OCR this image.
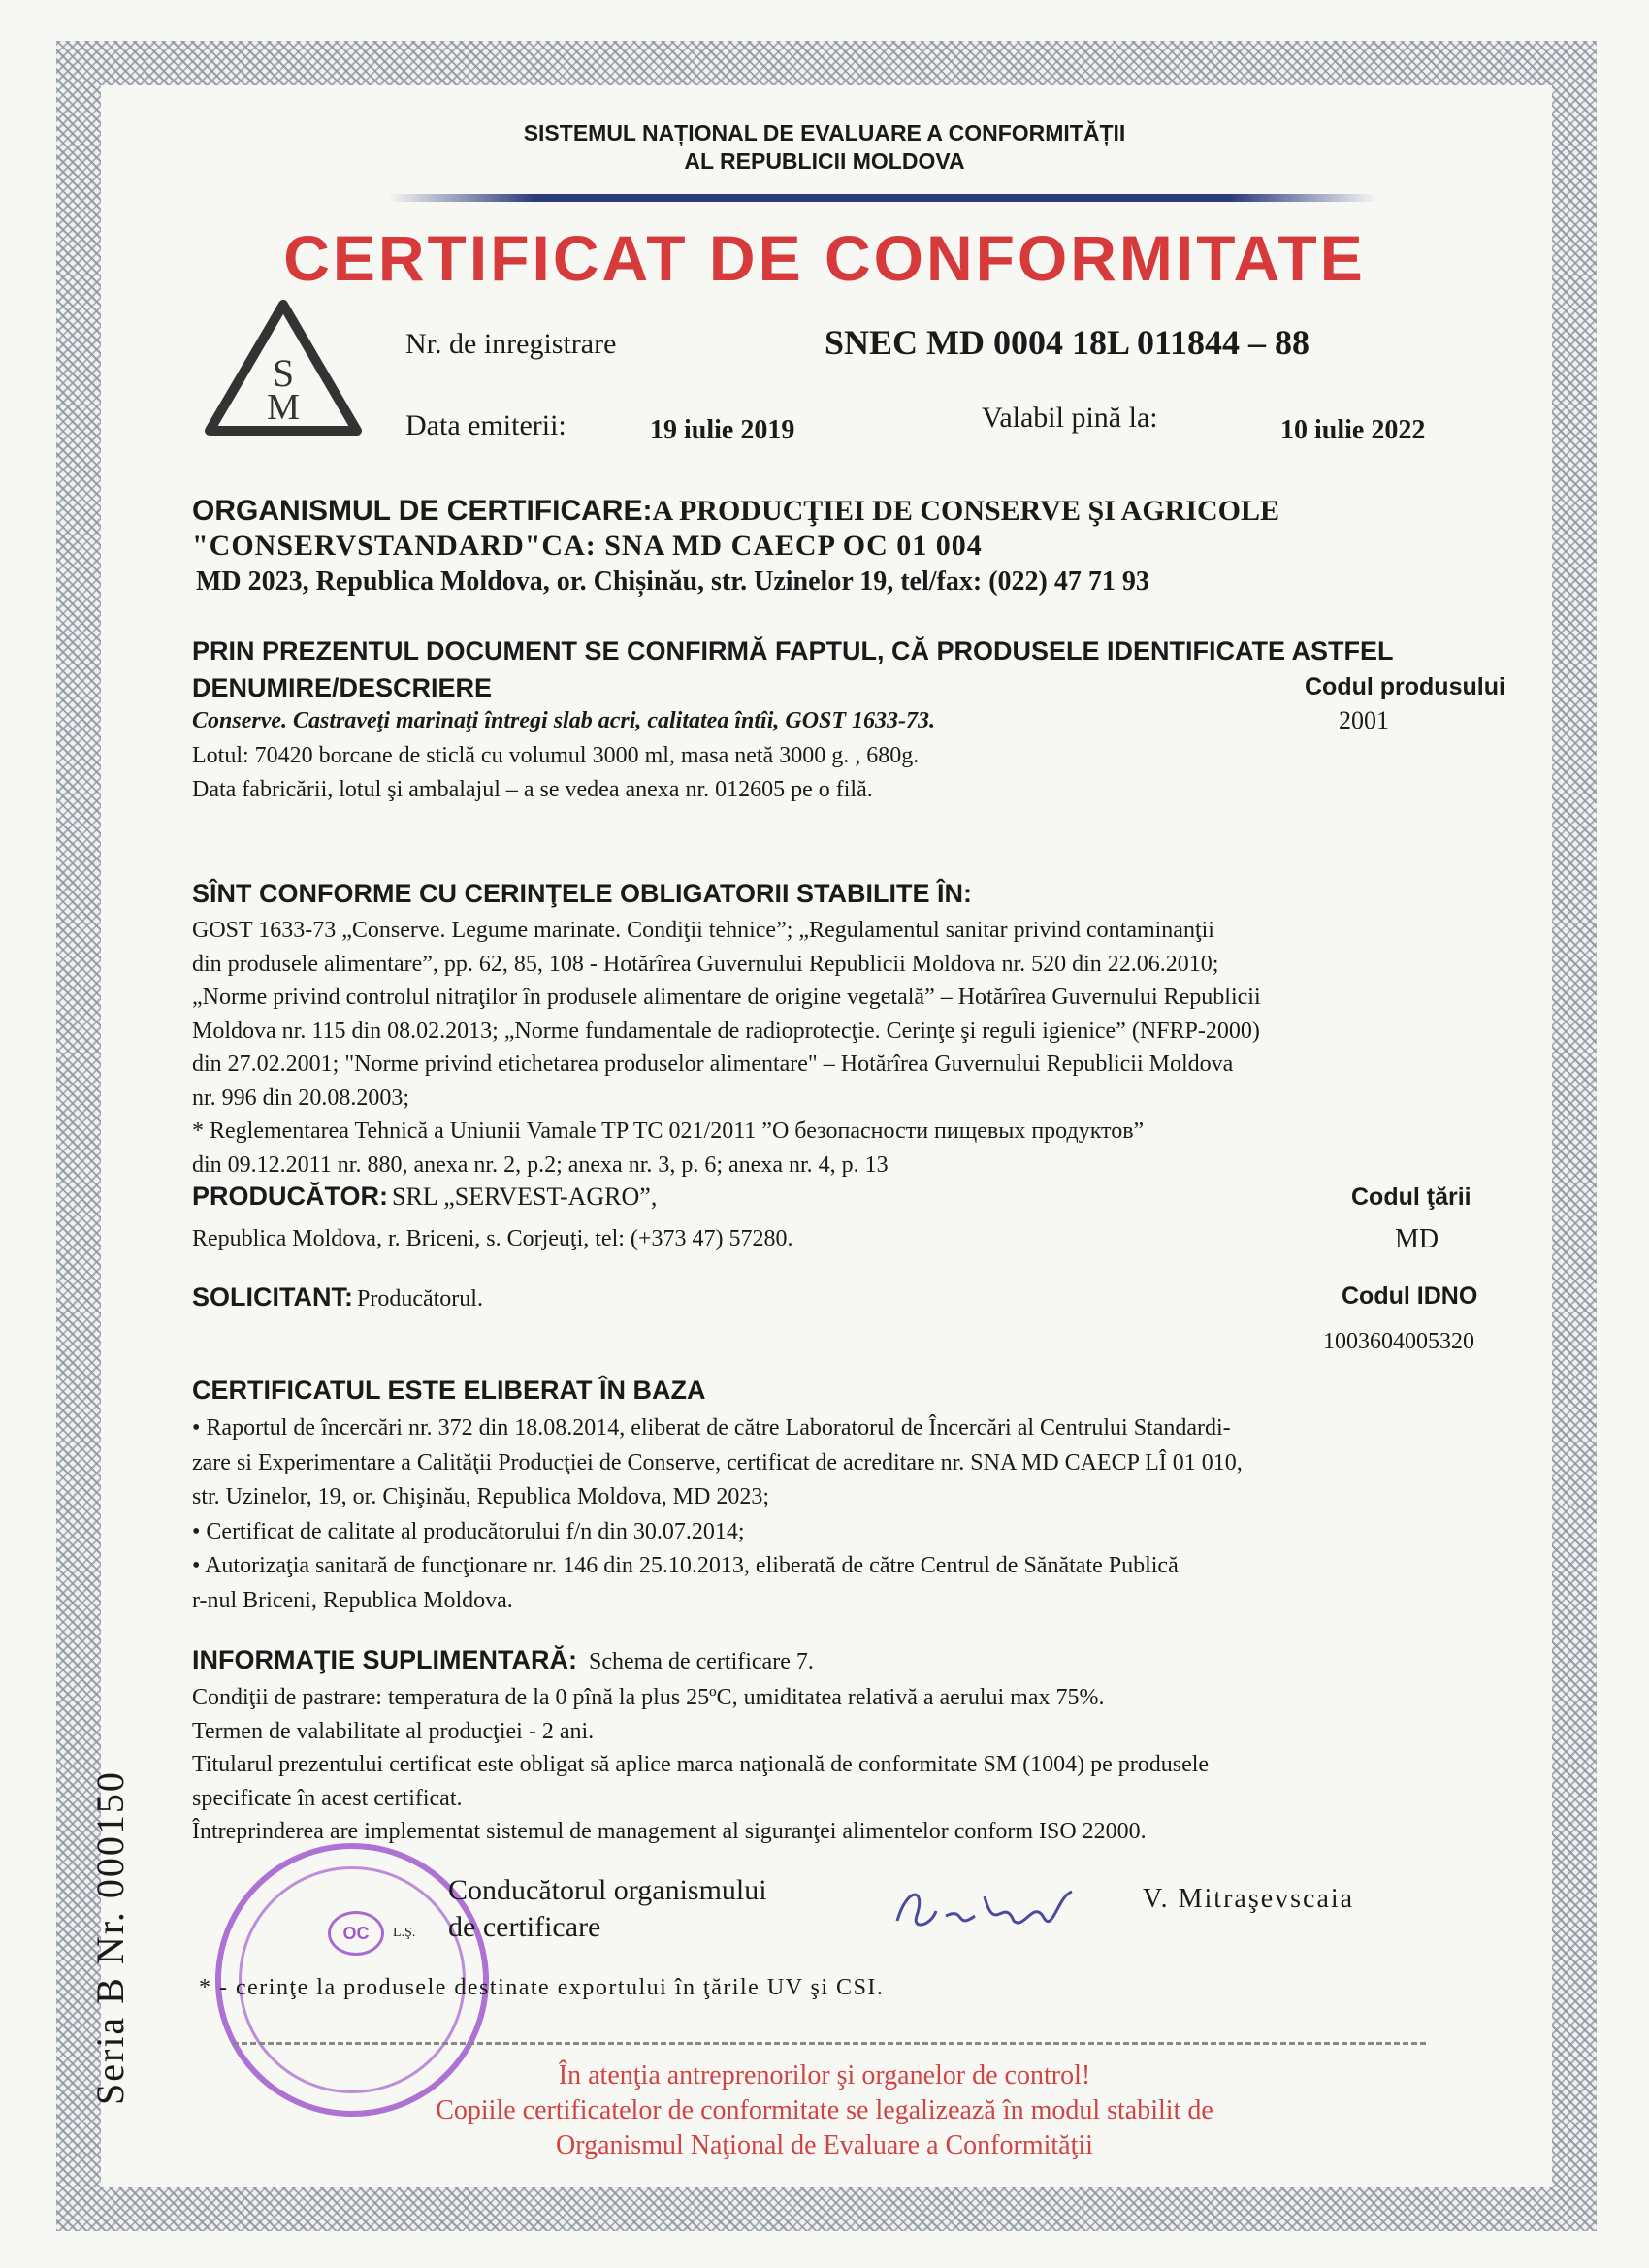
SISTEMUL NAȚIONAL DE EVALUARE A CONFORMITĂȚII
AL REPUBLICII MOLDOVA
CERTIFICAT DE CONFORMITATE
S
M
Nr. de inregistrare	SNEC MD 0004 18L 011844 – 88
Data emiterii:	19 iulie 2019	Valabil pină la:	10 iulie 2022
ORGANISMUL DE CERTIFICARE:A PRODUCŢIEI DE CONSERVE ŞI AGRICOLE
"CONSERVSTANDARD"CA: SNA MD CAECP OC 01 004
MD 2023, Republica Moldova, or. Chișinău, str. Uzinelor 19, tel/fax: (022) 47 71 93
PRIN PREZENTUL DOCUMENT SE CONFIRMĂ FAPTUL, CĂ PRODUSELE IDENTIFICATE ASTFEL
DENUMIRE/DESCRIERE	Codul produsului
2001
Conserve. Castraveţi marinaţi întregi slab acri, calitatea întîi, GOST 1633-73.
Lotul: 70420 borcane de sticlă cu volumul 3000 ml, masa netă 3000 g. , 680g.
Data fabricării, lotul şi ambalajul – a se vedea anexa nr. 012605 pe o filă.
SÎNT CONFORME CU CERINŢELE OBLIGATORII STABILITE ÎN:
GOST 1633-73 „Conserve. Legume marinate. Condiţii tehnice”; „Regulamentul sanitar privind contaminanţii
din produsele alimentare”, pp. 62, 85, 108 - Hotărîrea Guvernului Republicii Moldova nr. 520 din 22.06.2010;
„Norme privind controlul nitraţilor în produsele alimentare de origine vegetală” – Hotărîrea Guvernului Republicii
Moldova nr. 115 din 08.02.2013; „Norme fundamentale de radioprotecţie. Cerinţe şi reguli igienice” (NFRP-2000)
din 27.02.2001; "Norme privind etichetarea produselor alimentare" – Hotărîrea Guvernului Republicii Moldova
nr. 996 din 20.08.2003;
* Reglementarea Tehnică a Uniunii Vamale TP TC 021/2011 ”О безопасности пищевых продуктов”
din 09.12.2011 nr. 880, anexa nr. 2, p.2; anexa nr. 3, p. 6; anexa nr. 4, p. 13
PRODUCĂTOR: SRL „SERVEST-AGRO”,
Republica Moldova, r. Briceni, s. Corjeuţi, tel: (+373 47) 57280.
Codul ţării
MD
SOLICITANT: Producătorul.	Codul IDNO
1003604005320
CERTIFICATUL ESTE ELIBERAT ÎN BAZA
• Raportul de încercări nr. 372 din 18.08.2014, eliberat de către Laboratorul de Încercări al Centrului Standardi-
zare si Experimentare a Calităţii Producţiei de Conserve, certificat de acreditare nr. SNA MD CAECP LÎ 01 010,
str. Uzinelor, 19, or. Chişinău, Republica Moldova, MD 2023;
• Certificat de calitate al producătorului f/n din 30.07.2014;
• Autorizaţia sanitară de funcţionare nr. 146 din 25.10.2013, eliberată de către Centrul de Sănătate Publică
r-nul Briceni, Republica Moldova.
INFORMAŢIE SUPLIMENTARĂ: Schema de certificare 7.
Condiţii de pastrare: temperatura de la 0 pînă la plus 25ºC, umiditatea relativă a aerului max 75%.
Termen de valabilitate al producţiei - 2 ani.
Titularul prezentului certificat este obligat să aplice marca naţională de conformitate SM (1004) pe produsele
specificate în acest certificat.
Întreprinderea are implementat sistemul de management al siguranţei alimentelor conform ISO 22000.
OC	L.Ş.
Conducătorul organismului
de certificare
V. Mitraşevscaia
* - cerinţe la produsele destinate exportului în ţările UV şi CSI.
În atenţia antreprenorilor şi organelor de control!
Copiile certificatelor de conformitate se legalizează în modul stabilit de
Organismul Naţional de Evaluare a Conformităţii
Seria B Nr. 000150
